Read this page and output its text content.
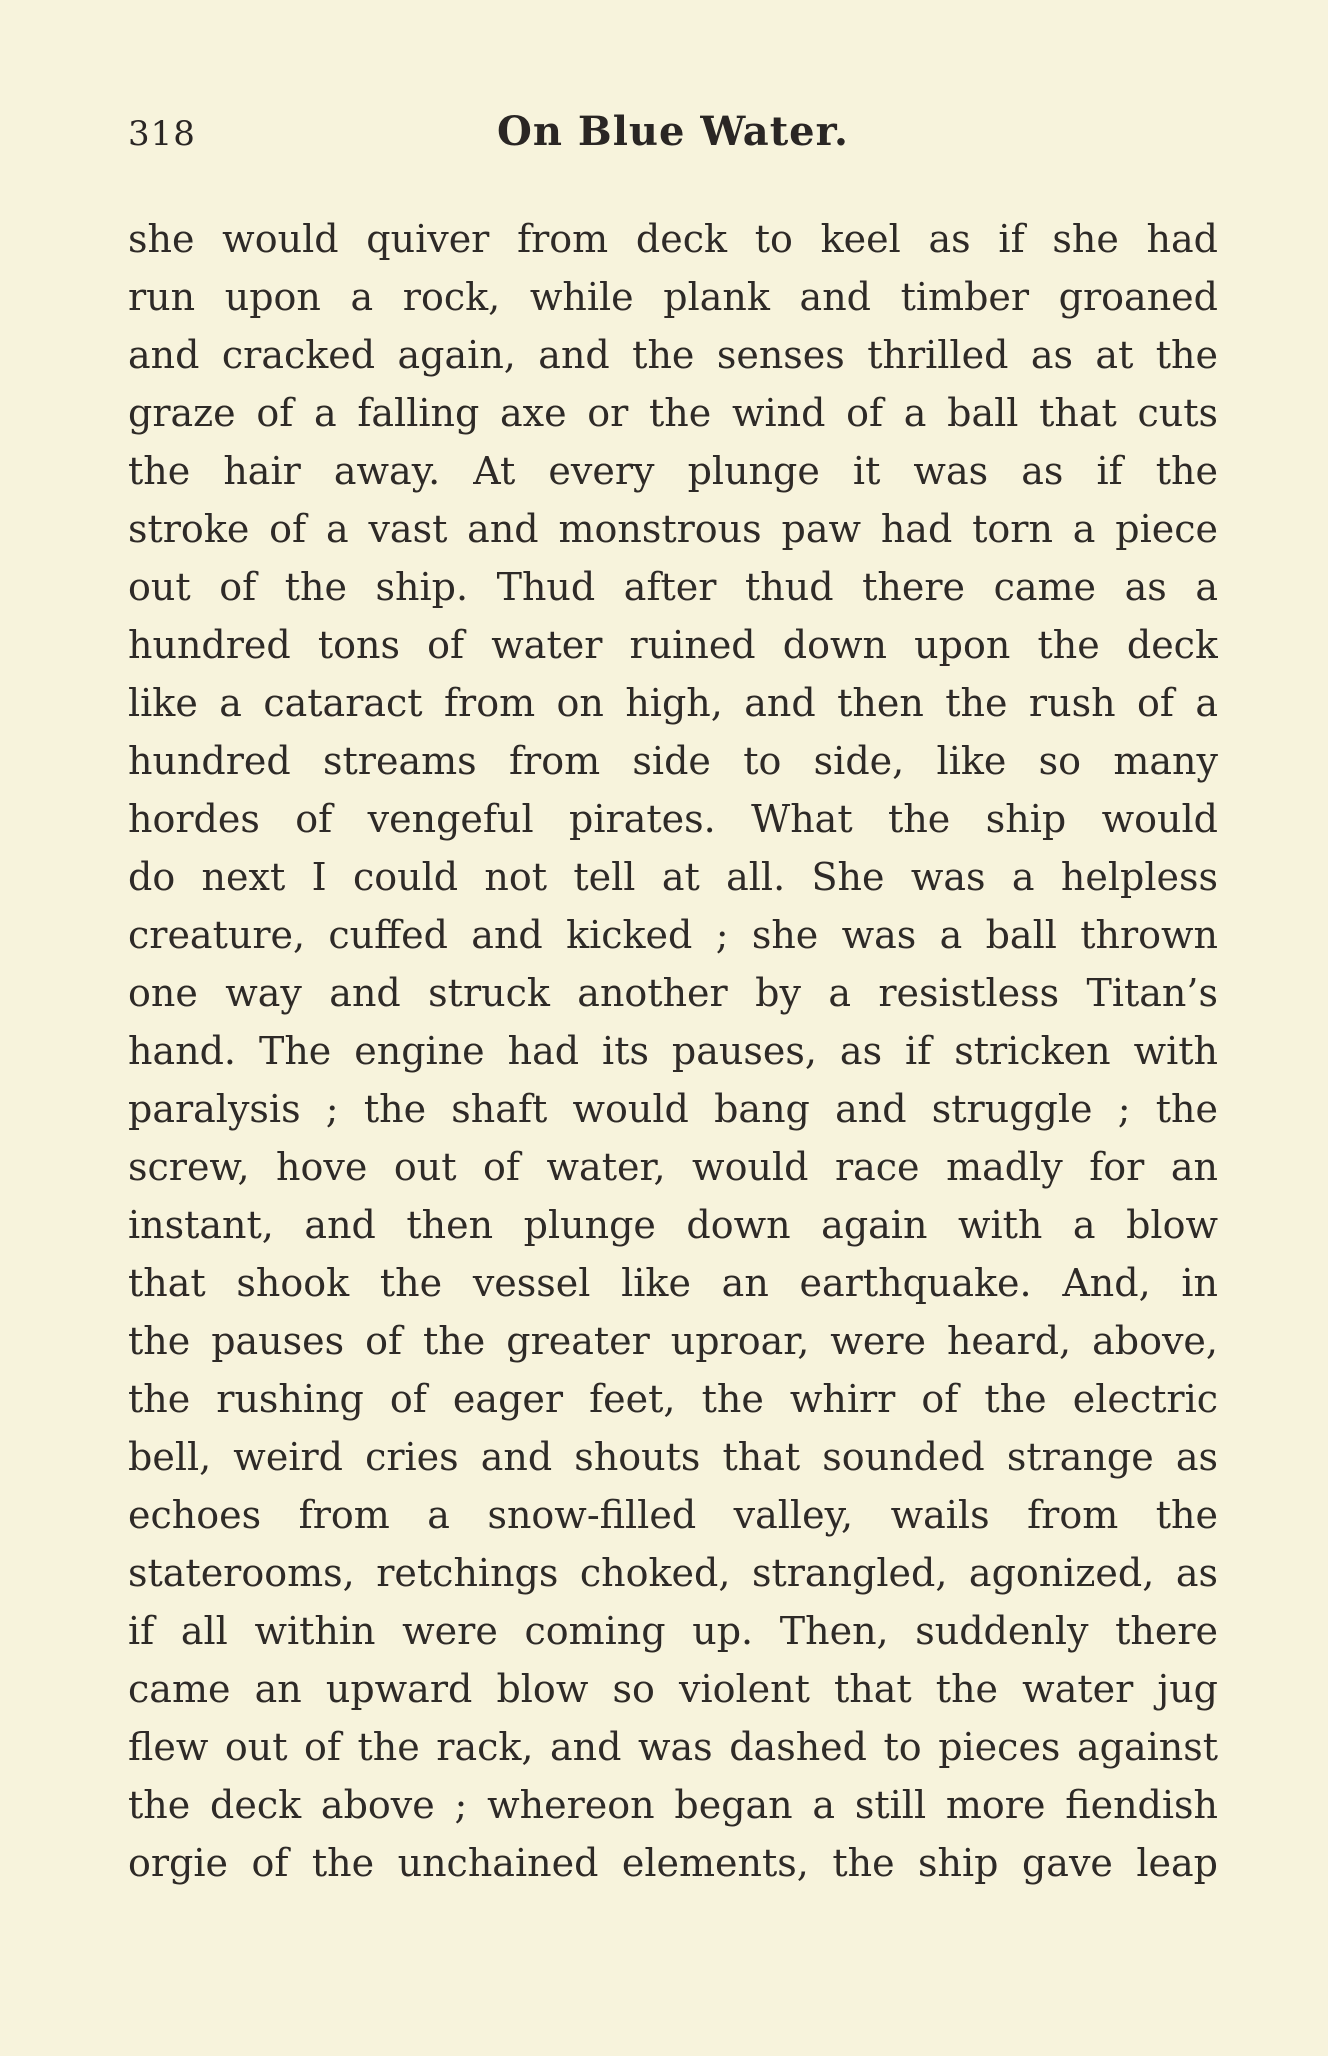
318	On Blue Water.
she would quiver from deck to keel as if she had
run upon a rock, while plank and timber groaned
and cracked again, and the senses thrilled as at the
graze of a falling axe or the wind of a ball that cuts
the hair away. At every plunge it was as if the
stroke of a vast and monstrous paw had torn a piece
out of the ship. Thud after thud there came as a
hundred tons of water ruined down upon the deck
like a cataract from on high, and then the rush of a
hundred streams from side to side, like so many
hordes of vengeful pirates. What the ship would
do next I could not tell at all. She was a helpless
creature, cuffed and kicked ; she was a ball thrown
one way and struck another by a resistless Titan’s
hand. The engine had its pauses, as if stricken with
paralysis ; the shaft would bang and struggle ; the
screw, hove out of water, would race madly for an
instant, and then plunge down again with a blow
that shook the vessel like an earthquake. And, in
the pauses of the greater uproar, were heard, above,
the rushing of eager feet, the whirr of the electric
bell, weird cries and shouts that sounded strange as
echoes from a snow-filled valley, wails from the
staterooms, retchings choked, strangled, agonized, as
if all within were coming up. Then, suddenly there
came an upward blow so violent that the water jug
flew out of the rack, and was dashed to pieces against
the deck above ; whereon began a still more fiendish
orgie of the unchained elements, the ship gave leap
